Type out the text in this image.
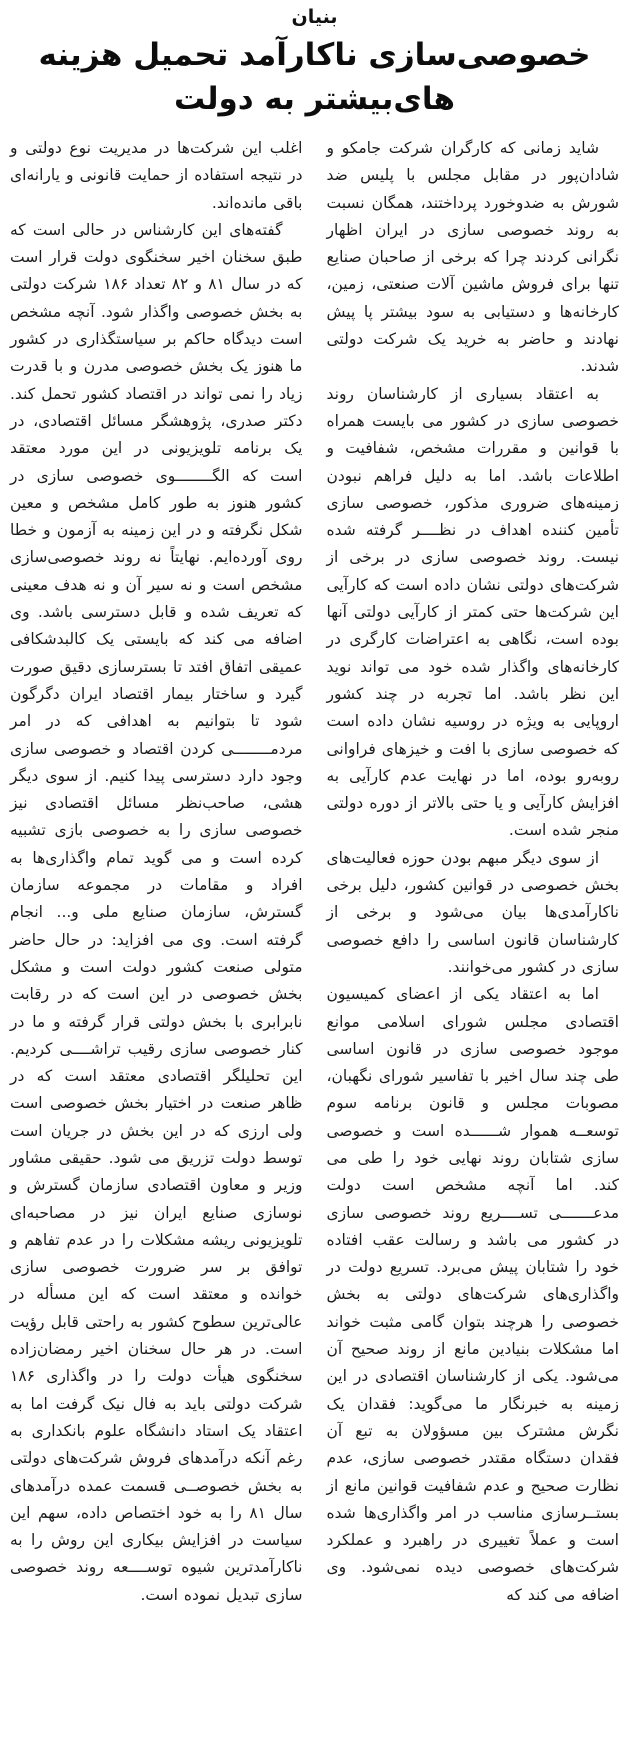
بنیان
خصوصی‌سازی ناکارآمد تحمیل هزینه های‌بیشتر به دولت

شاید زمانی که کارگران شرکت جامکو و شادان‌پور در مقابل مجلس با پلیس ضد شورش به ضدوخورد پرداختند، همگان نسبت به روند خصوصی سازی در ایران اظهار نگرانی کردند چرا که برخی از صاحبان صنایع تنها برای فروش ماشین آلات صنعتی، زمین، کارخانه‌ها و دستیابی به سود بیشتر پا پیش نهادند و حاضر به خرید یک شرکت دولتی شدند.

به اعتقاد بسیاری از کارشناسان روند خصوصی سازی در کشور می بایست همراه با قوانین و مقررات مشخص، شفافیت و اطلاعات باشد. اما به دلیل فراهم نبودن زمینه‌های ضروری مذکور، خصوصی سازی تأمین کننده اهداف در نظــــر گرفته شده نیست. روند خصوصی سازی در برخی از شرکت‌های دولتی نشان داده است که کارآیی این شرکت‌ها حتی کمتر از کارآیی دولتی آنها بوده است، نگاهی به اعتراضات کارگری در کارخانه‌های واگذار شده خود می تواند نوید این نظر باشد. اما تجربه در چند کشور اروپایی به ویژه در روسیه نشان داده است که خصوصی سازی با افت و خیزهای فراوانی روبه‌رو بوده، اما در نهایت عدم کارآیی به افزایش کارآیی و یا حتی بالاتر از دوره دولتی منجر شده است.

از سوی دیگر مبهم بودن حوزه فعالیت‌های بخش خصوصی در قوانین کشور، دلیل برخی ناکارآمدی‌ها بیان می‌شود و برخی از کارشناسان قانون اساسی را دافع خصوصی سازی در کشور می‌خوانند.

اما به اعتقاد یکی از اعضای کمیسیون اقتصادی مجلس شورای اسلامی موانع موجود خصوصی سازی در قانون اساسی طی چند سال اخیر با تفاسیر شورای نگهبان، مصوبات مجلس و قانون برنامه سوم توسعــه هموار شــــــده است و خصوصی سازی شتابان روند نهایی خود را طی می کند. اما آنچه مشخص است دولت مدعـــــــی تســــریع روند خصوصی سازی در کشور می باشد و رسالت عقب افتاده خود را شتابان پیش می‌برد. تسریع دولت در واگذاری‌های شرکت‌های دولتی به بخش خصوصی را هرچند بتوان گامی مثبت خواند اما مشکلات بنیادین مانع از روند صحیح آن می‌شود. یکی از کارشناسان اقتصادی در این زمینه به خبرنگار ما می‌گوید: فقدان یک نگرش مشترک بین مسؤولان به تبع آن فقدان دستگاه مقتدر خصوصی سازی، عدم نظارت صحیح و عدم شفافیت قوانین مانع از بستــرسازی مناسب در امر واگذاری‌ها شده است و عملاً تغییری در راهبرد و عملکرد شرکت‌های خصوصی دیده نمی‌شود. وی اضافه می کند که

اغلب این شرکت‌ها در مدیریت نوع دولتی و در نتیجه استفاده از حمایت قانونی و یارانه‌ای باقی مانده‌اند.

گفته‌های این کارشناس در حالی است که طبق سخنان اخیر سخنگوی دولت قرار است که در سال ۸۱ و ۸۲ تعداد ۱۸۶ شرکت دولتی به بخش خصوصی واگذار شود. آنچه مشخص است دیدگاه حاکم بر سیاستگذاری در کشور ما هنوز یک بخش خصوصی مدرن و با قدرت زیاد را نمی تواند در اقتصاد کشور تحمل کند. دکتر صدری، پژوهشگر مسائل اقتصادی، در یک برنامه تلویزیونی در این مورد معتقد است که الگــــــــوی خصوصی سازی در کشور هنوز به طور کامل مشخص و معین شکل نگرفته و در این زمینه به آزمون و خطا روی آورده‌ایم. نهایتاً نه روند خصوصی‌سازی مشخص است و نه سیر آن و نه هدف معینی که تعریف شده و قابل دسترسی باشد. وی اضافه می کند که بایستی یک کالبدشکافی عمیقی اتفاق افتد تا بسترسازی دقیق صورت گیرد و ساختار بیمار اقتصاد ایران دگرگون شود تا بتوانیم به اهدافی که در امر مردمــــــــی کردن اقتصاد و خصوصی سازی وجود دارد دسترسی پیدا کنیم. از سوی دیگر هشی، صاحب‌نظر مسائل اقتصادی نیز خصوصی سازی را به خصوصی بازی تشبیه کرده است و می گوید تمام واگذاری‌ها به افراد و مقامات در مجموعه سازمان گسترش، سازمان صنایع ملی و... انجام گرفته است. وی می افزاید: در حال حاضر متولی صنعت کشور دولت است و مشکل بخش خصوصی در این است که در رقابت نابرابری با بخش دولتی قرار گرفته و ما در کنار خصوصی سازی رقیب تراشــــی کردیم. این تحلیلگر اقتصادی معتقد است که در ظاهر صنعت در اختیار بخش خصوصی است ولی ارزی که در این بخش در جریان است توسط دولت تزریق می شود. حقیقی مشاور وزیر و معاون اقتصادی سازمان گسترش و نوسازی صنایع ایران نیز در مصاحبه‌ای تلویزیونی ریشه مشکلات را در عدم تفاهم و توافق بر سر ضرورت خصوصی سازی خوانده و معتقد است که این مسأله در عالی‌ترین سطوح کشور به راحتی قابل رؤیت است. در هر حال سخنان اخیر رمضان‌زاده سخنگوی هیأت دولت را در واگذاری ۱۸۶ شرکت دولتی باید به فال نیک گرفت اما به اعتقاد یک استاد دانشگاه علوم بانکداری به رغم آنکه درآمدهای فروش شرکت‌های دولتی به بخش خصوصــی قسمت عمده درآمدهای سال ۸۱ را به خود اختصاص داده، سهم این سیاست در افزایش بیکاری این روش را به ناکارآمدترین شیوه توســــعه روند خصوصی سازی تبدیل نموده است.
